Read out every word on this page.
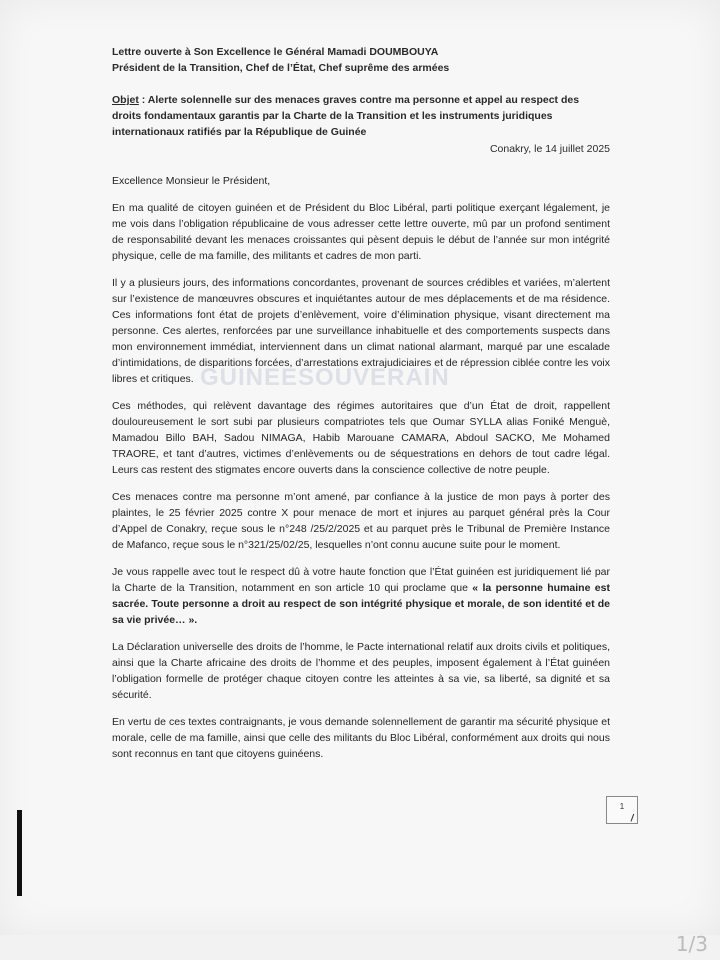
GUINEESOUVERAIN

Lettre ouverte à Son Excellence le Général Mamadi DOUMBOUYA

Président de la Transition, Chef de l’État, Chef suprême des armées

Objet : Alerte solennelle sur des menaces graves contre ma personne et appel au respect des droits fondamentaux garantis par la Charte de la Transition et les instruments juridiques internationaux ratifiés par la République de Guinée
Conakry, le 14 juillet 2025
Excellence Monsieur le Président,

En ma qualité de citoyen guinéen et de Président du Bloc Libéral, parti politique exerçant légalement, je me vois dans l’obligation républicaine de vous adresser cette lettre ouverte, mû par un profond sentiment de responsabilité devant les menaces croissantes qui pèsent depuis le début de l’année sur mon intégrité physique, celle de ma famille, des militants et cadres de mon parti.

Il y a plusieurs jours, des informations concordantes, provenant de sources crédibles et variées, m’alertent sur l’existence de manœuvres obscures et inquiétantes autour de mes déplacements et de ma résidence. Ces informations font état de projets d’enlèvement, voire d’élimination physique, visant directement ma personne. Ces alertes, renforcées par une surveillance inhabituelle et des comportements suspects dans mon environnement immédiat, interviennent dans un climat national alarmant, marqué par une escalade d’intimidations, de disparitions forcées, d’arrestations extrajudiciaires et de répression ciblée contre les voix libres et critiques.

Ces méthodes, qui relèvent davantage des régimes autoritaires que d’un État de droit, rappellent douloureusement le sort subi par plusieurs compatriotes tels que Oumar SYLLA alias Foniké Menguè, Mamadou Billo BAH, Sadou NIMAGA, Habib Marouane CAMARA, Abdoul SACKO, Me Mohamed TRAORE, et tant d’autres, victimes d’enlèvements ou de séquestrations en dehors de tout cadre légal. Leurs cas restent des stigmates encore ouverts dans la conscience collective de notre peuple.

Ces menaces contre ma personne m’ont amené, par confiance à la justice de mon pays à porter des plaintes, le 25 février 2025 contre X pour menace de mort et injures au parquet général près la Cour d’Appel de Conakry, reçue sous le n°248 /25/2/2025 et au parquet près le Tribunal de Première Instance de Mafanco, reçue sous le n°321/25/02/25, lesquelles n’ont connu aucune suite pour le moment.

Je vous rappelle avec tout le respect dû à votre haute fonction que l’État guinéen est juridiquement lié par la Charte de la Transition, notamment en son article 10 qui proclame que « la personne humaine est sacrée. Toute personne a droit au respect de son intégrité physique et morale, de son identité et de sa vie privée… ».

La Déclaration universelle des droits de l’homme, le Pacte international relatif aux droits civils et politiques, ainsi que la Charte africaine des droits de l’homme et des peuples, imposent également à l’État guinéen l’obligation formelle de protéger chaque citoyen contre les atteintes à sa vie, sa liberté, sa dignité et sa sécurité.

En vertu de ces textes contraignants, je vous demande solennellement de garantir ma sécurité physique et morale, celle de ma famille, ainsi que celle des militants du Bloc Libéral, conformément aux droits qui nous sont reconnus en tant que citoyens guinéens.

1
1/3
